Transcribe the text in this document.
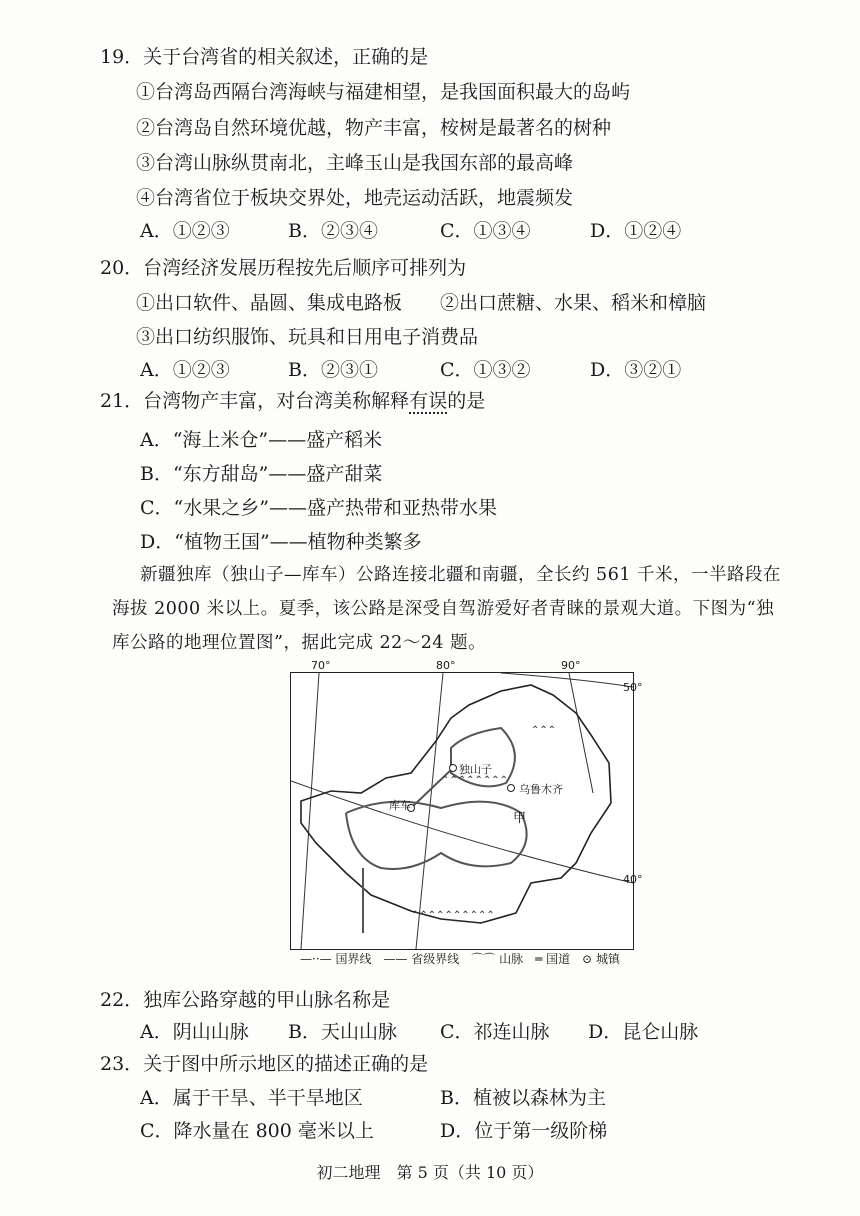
19．关于台湾省的相关叙述，正确的是
①台湾岛西隔台湾海峡与福建相望，是我国面积最大的岛屿
②台湾岛自然环境优越，物产丰富，桉树是最著名的树种
③台湾山脉纵贯南北，主峰玉山是我国东部的最高峰
④台湾省位于板块交界处，地壳运动活跃，地震频发
A．①②③	B．②③④	C．①③④	D．①②④
20．台湾经济发展历程按先后顺序可排列为
①出口软件、晶圆、集成电路板 ②出口蔗糖、水果、稻米和樟脑
③出口纺织服饰、玩具和日用电子消费品
A．①②③	B．②③①	C．①③②	D．③②①
21．台湾物产丰富，对台湾美称解释有误的是
A．“海上米仓”——盛产稻米
B．“东方甜岛”——盛产甜菜
C．“水果之乡”——盛产热带和亚热带水果
D．“植物王国”——植物种类繁多
新疆独库（独山子—库车）公路连接北疆和南疆，全长约 561 千米，一半路段在海拔 2000 米以上。夏季，该公路是深受自驾游爱好者青睐的景观大道。下图为“独库公路的地理位置图”，据此完成 22～24 题。
⌃⌃⌃⌃⌃⌃⌃⌃
⌃⌃⌃
⌃⌃⌃⌃⌃⌃⌃⌃⌃⌃
70°	80°	90°
50°
40°
独山子
乌鲁木齐
库车
甲
—··— 国界线　—— 省级界线　⌒⌒ 山脉　═ 国道　⊙ 城镇
22．独库公路穿越的甲山脉名称是
A．阴山山脉 B．天山山脉 C．祁连山脉 D．昆仑山脉
23．关于图中所示地区的描述正确的是
A．属于干旱、半干旱地区	B．植被以森林为主
C．降水量在 800 毫米以上	D．位于第一级阶梯
初二地理　第 5 页（共 10 页）
